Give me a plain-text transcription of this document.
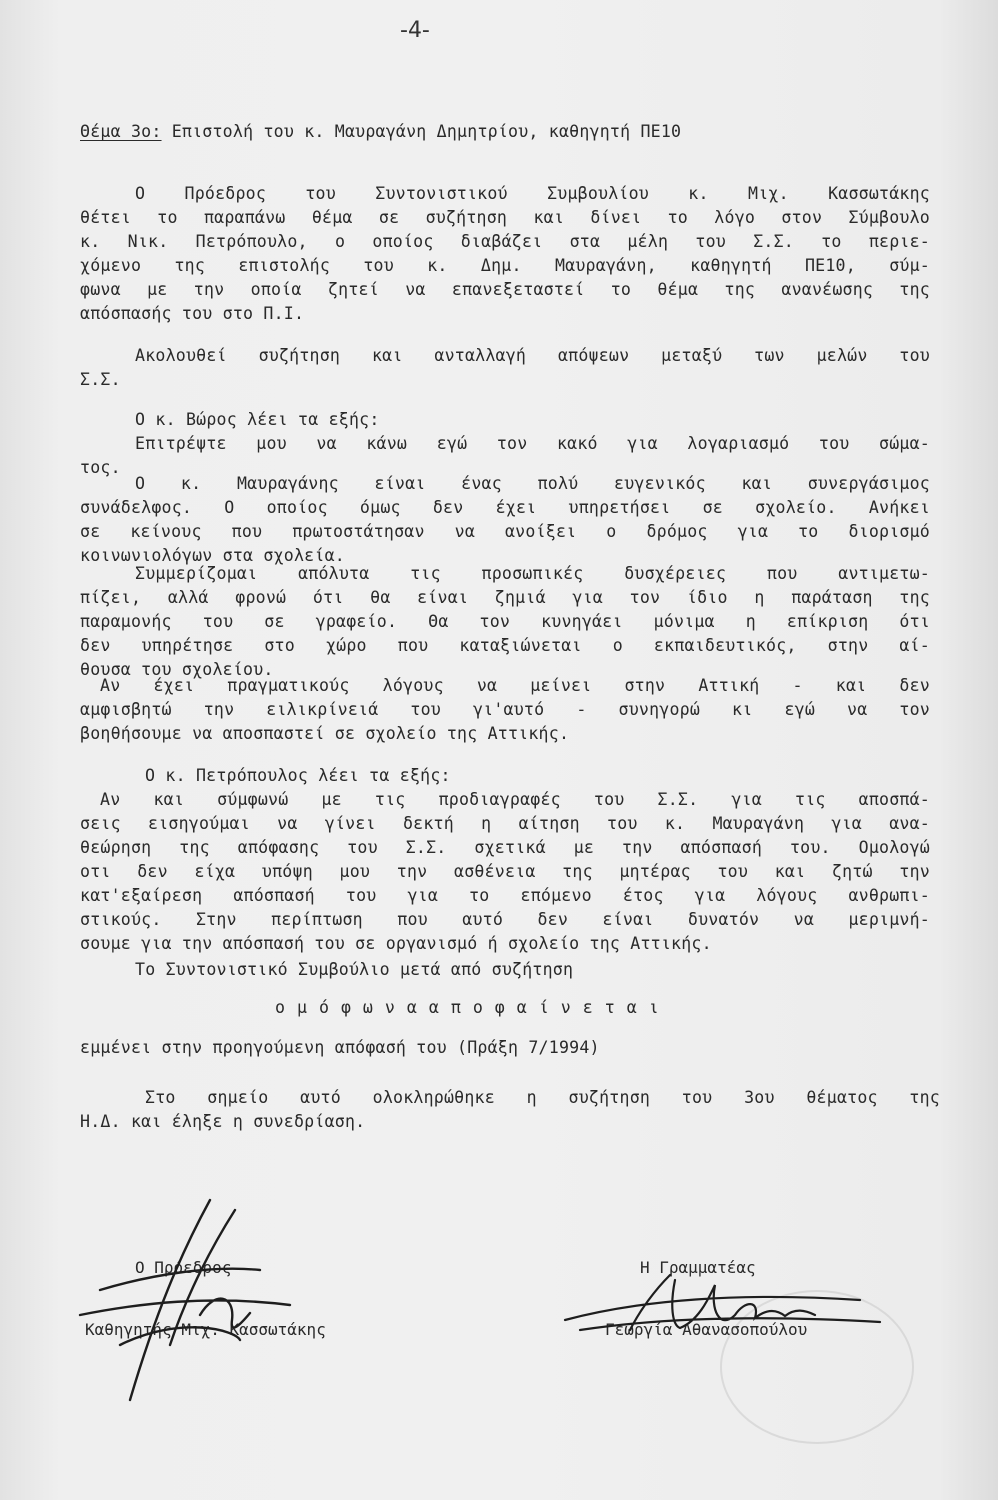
-4-
Θέμα 3ο: Επιστολή του κ. Μαυραγάνη Δημητρίου, καθηγητή ΠΕ10
Ο Πρόεδρος του Συντονιστικού Συμβουλίου κ. Μιχ. Κασσωτάκης
θέτει το παραπάνω θέμα σε συζήτηση και δίνει το λόγο στον Σύμβουλο
κ. Νικ. Πετρόπουλο, ο οποίος διαβάζει στα μέλη του Σ.Σ. το περιε-
χόμενο της επιστολής του κ. Δημ. Μαυραγάνη, καθηγητή ΠΕ10, σύμ-
φωνα με την οποία ζητεί να επανεξεταστεί το θέμα της ανανέωσης της
απόσπασής του στο Π.Ι.
Ακολουθεί συζήτηση και ανταλλαγή απόψεων μεταξύ των μελών του
Σ.Σ.
Ο κ. Βώρος λέει τα εξής:
Επιτρέψτε μου να κάνω εγώ τον κακό για λογαριασμό του σώμα-
τος.
Ο κ. Μαυραγάνης είναι ένας πολύ ευγενικός και συνεργάσιμος
συνάδελφος. Ο οποίος όμως δεν έχει υπηρετήσει σε σχολείο. Ανήκει
σε κείνους που πρωτοστάτησαν να ανοίξει ο δρόμος για το διορισμό
κοινωνιολόγων στα σχολεία.
Συμμερίζομαι απόλυτα τις προσωπικές δυσχέρειες που αντιμετω-
πίζει, αλλά φρονώ ότι θα είναι ζημιά για τον ίδιο η παράταση της
παραμονής του σε γραφείο. Θα τον κυνηγάει μόνιμα η επίκριση ότι
δεν υπηρέτησε στο χώρο που καταξιώνεται ο εκπαιδευτικός, στην αί-
θουσα του σχολείου.
Αν έχει πραγματικούς λόγους να μείνει στην Αττική - και δεν
αμφισβητώ την ειλικρίνειά του γι'αυτό - συνηγορώ κι εγώ να τον
βοηθήσουμε να αποσπαστεί σε σχολείο της Αττικής.
Ο κ. Πετρόπουλος λέει τα εξής:
Αν και σύμφωνώ με τις προδιαγραφές του Σ.Σ. για τις αποσπά-
σεις εισηγούμαι να γίνει δεκτή η αίτηση του κ. Μαυραγάνη για ανα-
θεώρηση της απόφασης του Σ.Σ. σχετικά με την απόσπασή του. Ομολογώ
οτι δεν είχα υπόψη μου την ασθένεια της μητέρας του και ζητώ την
κατ'εξαίρεση απόσπασή του για το επόμενο έτος για λόγους ανθρωπι-
στικούς. Στην περίπτωση που αυτό δεν είναι δυνατόν να μεριμνή-
σουμε για την απόσπασή του σε οργανισμό ή σχολείο της Αττικής.
Το Συντονιστικό Συμβούλιο μετά από συζήτηση
ο μ ό φ ω ν α α π ο φ α ί ν ε τ α ι
εμμένει στην προηγούμενη απόφασή του (Πράξη 7/1994)
Στο σημείο αυτό ολοκληρώθηκε η συζήτηση του 3ου θέματος της
Η.Δ. και έληξε η συνεδρίαση.
Ο Πρόεδρος	Η Γραμματέας
Καθηγητής Μιχ. Κασσωτάκης	Γεωργία Αθανασοπούλου
